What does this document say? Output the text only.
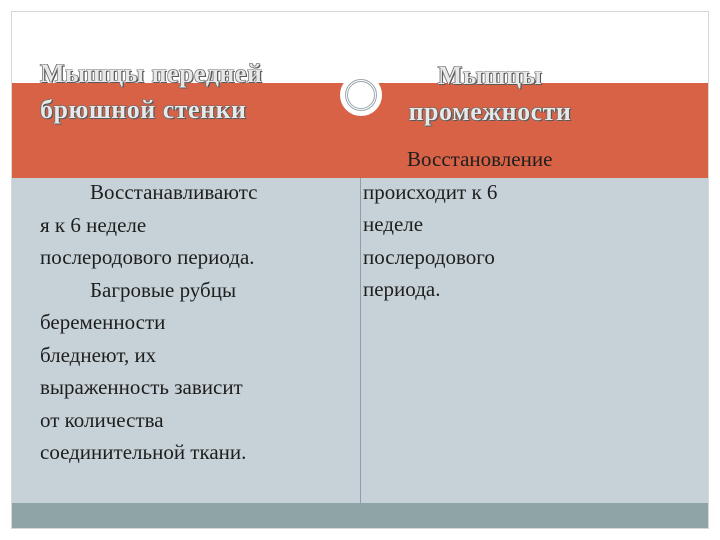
Мышцы передней
брюшной стенки
Мышцы
промежности

Восстанавливаютс
я к 6 неделе
послеродового периода.
Багровые рубцы
беременности
бледнеют, их
выраженность зависит
от количества
соединительной ткани.

Восстановление
происходит к 6
неделе
послеродового
периода.
